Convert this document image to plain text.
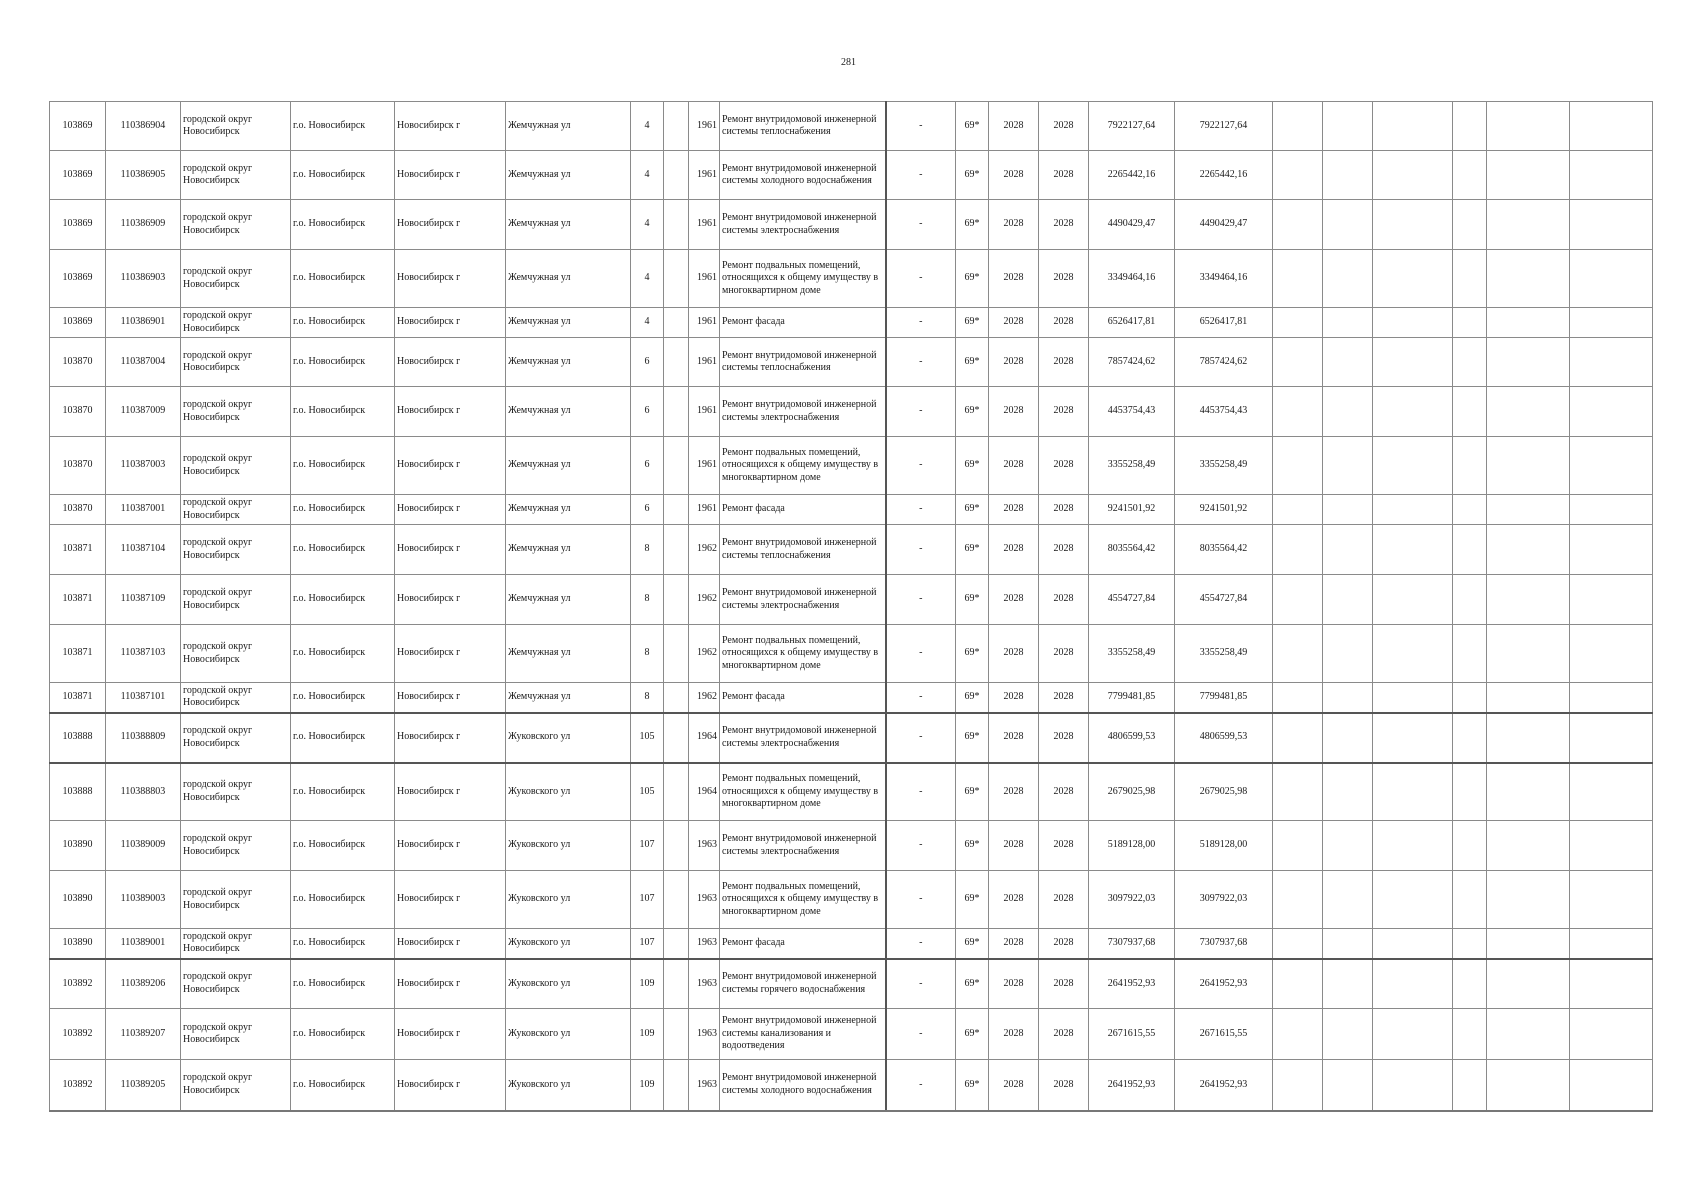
281
103869	110386904	городской округ Новосибирск	г.о. Новосибирск	Новосибирск г	Жемчужная ул	4		1961	Ремонт внутридомовой инженерной системы теплоснабжения	-	69*	2028	2028	7922127,64	7922127,64						
103869	110386905	городской округ Новосибирск	г.о. Новосибирск	Новосибирск г	Жемчужная ул	4		1961	Ремонт внутридомовой инженерной системы холодного водоснабжения	-	69*	2028	2028	2265442,16	2265442,16						
103869	110386909	городской округ Новосибирск	г.о. Новосибирск	Новосибирск г	Жемчужная ул	4		1961	Ремонт внутридомовой инженерной системы электроснабжения	-	69*	2028	2028	4490429,47	4490429,47						
103869	110386903	городской округ Новосибирск	г.о. Новосибирск	Новосибирск г	Жемчужная ул	4		1961	Ремонт подвальных помещений, относящихся к общему имуществу в многоквартирном доме	-	69*	2028	2028	3349464,16	3349464,16						
103869	110386901	городской округ Новосибирск	г.о. Новосибирск	Новосибирск г	Жемчужная ул	4		1961	Ремонт фасада	-	69*	2028	2028	6526417,81	6526417,81						
103870	110387004	городской округ Новосибирск	г.о. Новосибирск	Новосибирск г	Жемчужная ул	6		1961	Ремонт внутридомовой инженерной системы теплоснабжения	-	69*	2028	2028	7857424,62	7857424,62						
103870	110387009	городской округ Новосибирск	г.о. Новосибирск	Новосибирск г	Жемчужная ул	6		1961	Ремонт внутридомовой инженерной системы электроснабжения	-	69*	2028	2028	4453754,43	4453754,43						
103870	110387003	городской округ Новосибирск	г.о. Новосибирск	Новосибирск г	Жемчужная ул	6		1961	Ремонт подвальных помещений, относящихся к общему имуществу в многоквартирном доме	-	69*	2028	2028	3355258,49	3355258,49						
103870	110387001	городской округ Новосибирск	г.о. Новосибирск	Новосибирск г	Жемчужная ул	6		1961	Ремонт фасада	-	69*	2028	2028	9241501,92	9241501,92						
103871	110387104	городской округ Новосибирск	г.о. Новосибирск	Новосибирск г	Жемчужная ул	8		1962	Ремонт внутридомовой инженерной системы теплоснабжения	-	69*	2028	2028	8035564,42	8035564,42						
103871	110387109	городской округ Новосибирск	г.о. Новосибирск	Новосибирск г	Жемчужная ул	8		1962	Ремонт внутридомовой инженерной системы электроснабжения	-	69*	2028	2028	4554727,84	4554727,84						
103871	110387103	городской округ Новосибирск	г.о. Новосибирск	Новосибирск г	Жемчужная ул	8		1962	Ремонт подвальных помещений, относящихся к общему имуществу в многоквартирном доме	-	69*	2028	2028	3355258,49	3355258,49						
103871	110387101	городской округ Новосибирск	г.о. Новосибирск	Новосибирск г	Жемчужная ул	8		1962	Ремонт фасада	-	69*	2028	2028	7799481,85	7799481,85						
103888	110388809	городской округ Новосибирск	г.о. Новосибирск	Новосибирск г	Жуковского ул	105		1964	Ремонт внутридомовой инженерной системы электроснабжения	-	69*	2028	2028	4806599,53	4806599,53						
103888	110388803	городской округ Новосибирск	г.о. Новосибирск	Новосибирск г	Жуковского ул	105		1964	Ремонт подвальных помещений, относящихся к общему имуществу в многоквартирном доме	-	69*	2028	2028	2679025,98	2679025,98						
103890	110389009	городской округ Новосибирск	г.о. Новосибирск	Новосибирск г	Жуковского ул	107		1963	Ремонт внутридомовой инженерной системы электроснабжения	-	69*	2028	2028	5189128,00	5189128,00						
103890	110389003	городской округ Новосибирск	г.о. Новосибирск	Новосибирск г	Жуковского ул	107		1963	Ремонт подвальных помещений, относящихся к общему имуществу в многоквартирном доме	-	69*	2028	2028	3097922,03	3097922,03						
103890	110389001	городской округ Новосибирск	г.о. Новосибирск	Новосибирск г	Жуковского ул	107		1963	Ремонт фасада	-	69*	2028	2028	7307937,68	7307937,68						
103892	110389206	городской округ Новосибирск	г.о. Новосибирск	Новосибирск г	Жуковского ул	109		1963	Ремонт внутридомовой инженерной системы горячего водоснабжения	-	69*	2028	2028	2641952,93	2641952,93						
103892	110389207	городской округ Новосибирск	г.о. Новосибирск	Новосибирск г	Жуковского ул	109		1963	Ремонт внутридомовой инженерной системы канализования и водоотведения	-	69*	2028	2028	2671615,55	2671615,55						
103892	110389205	городской округ Новосибирск	г.о. Новосибирск	Новосибирск г	Жуковского ул	109		1963	Ремонт внутридомовой инженерной системы холодного водоснабжения	-	69*	2028	2028	2641952,93	2641952,93						
